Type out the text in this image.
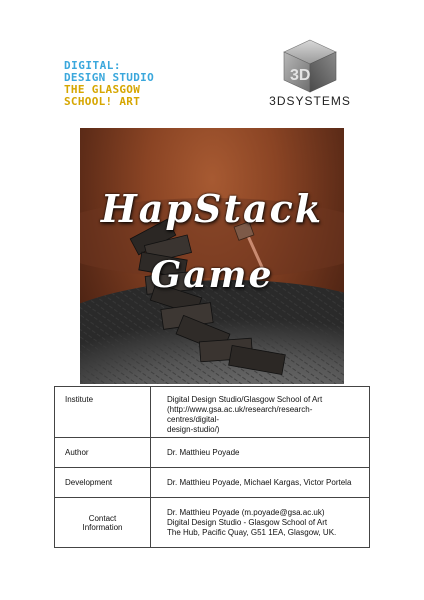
DIGITAL:
DESIGN STUDIO
THE GLASGOW
SCHOOL! ART
3D
3DSYSTEMS
HapStack
Game
Institute	Digital Design Studio/Glasgow School of Art
(http://www.gsa.ac.uk/research/research-centres/digital-
design-studio/)

Author	Dr. Matthieu Poyade

Development	Dr. Matthieu Poyade, Michael Kargas, Victor Portela

Contact
Information	Dr. Matthieu Poyade (m.poyade@gsa.ac.uk)
Digital Design Studio - Glasgow School of Art
The Hub, Pacific Quay, G51 1EA, Glasgow, UK.
